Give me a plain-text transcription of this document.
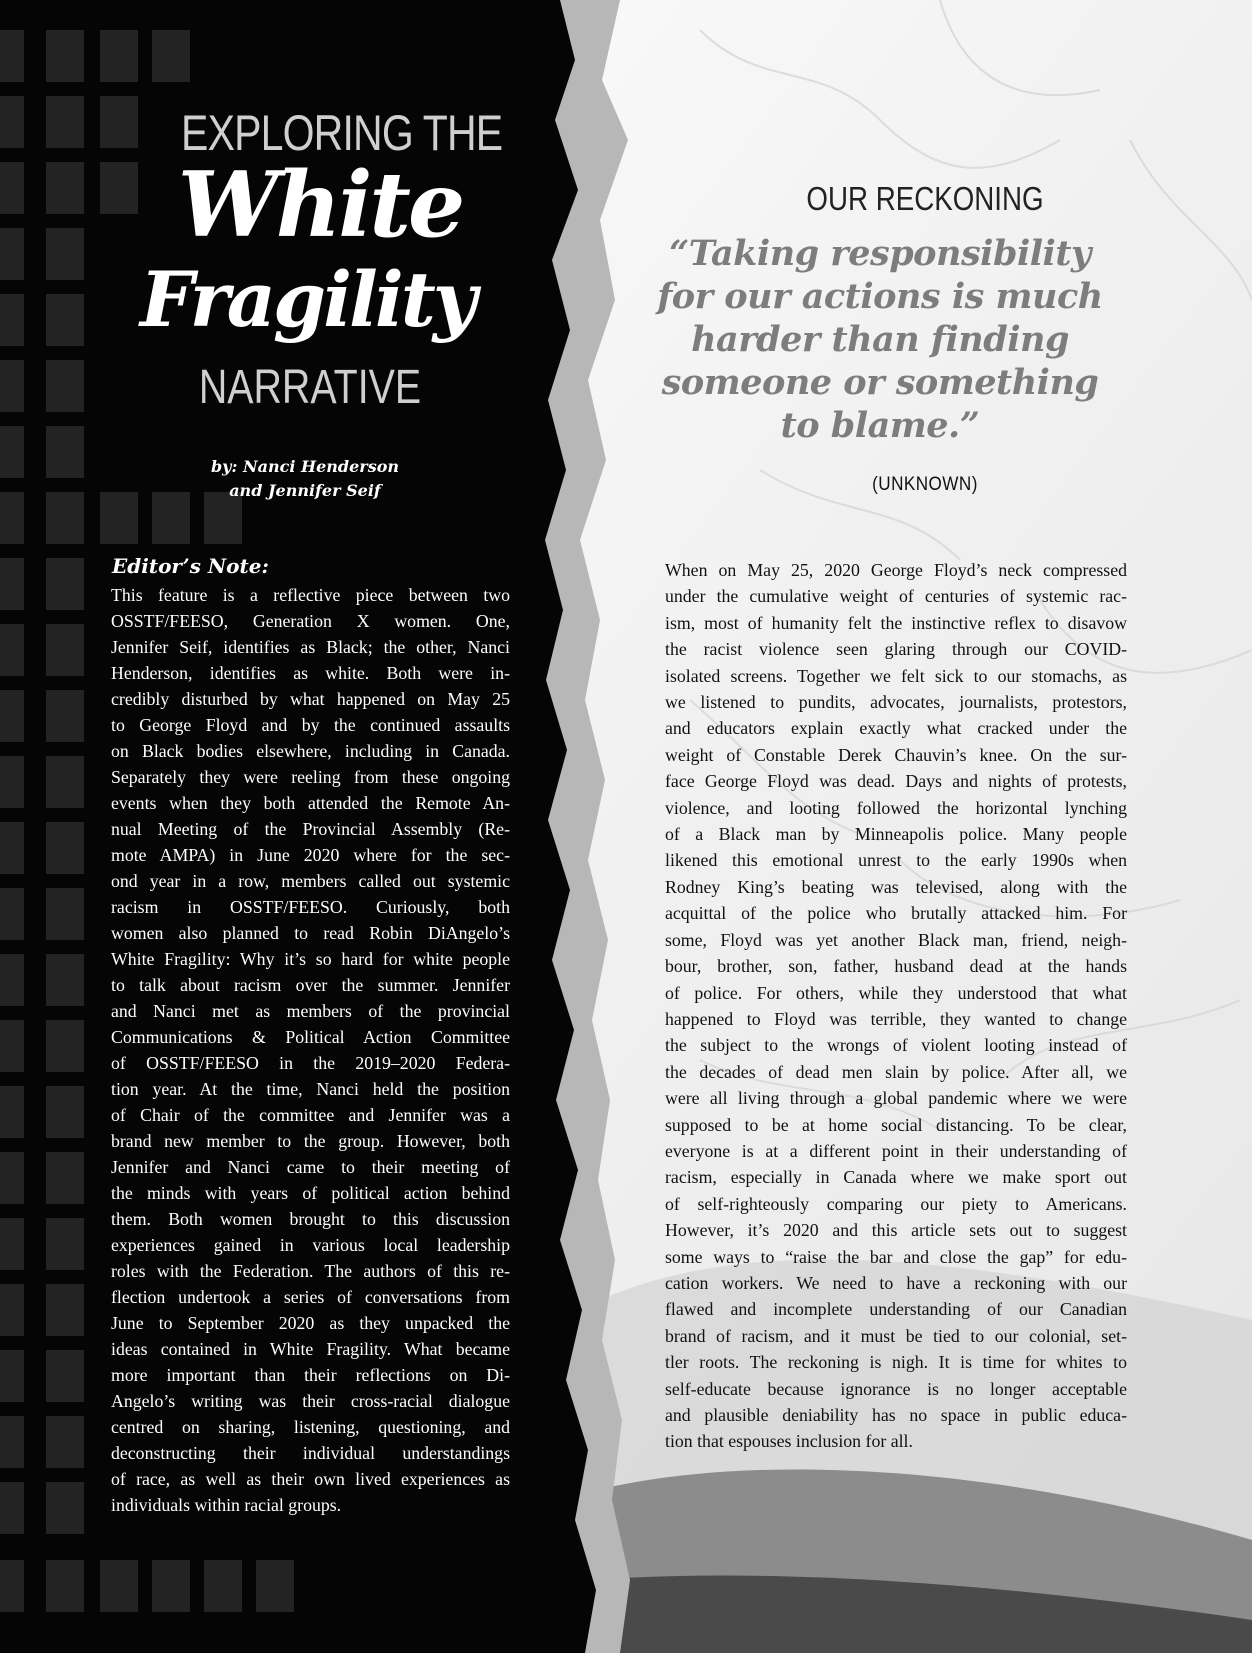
EXPLORING THE
White
Fragility
NARRATIVE
by: Nanci Henderson
and Jennifer Seif
Editor’s Note:
This feature is a reflective piece between two
OSSTF/FEESO, Generation X women. One,
Jennifer Seif, identifies as Black; the other, Nanci
Henderson, identifies as white. Both were in-
credibly disturbed by what happened on May 25
to George Floyd and by the continued assaults
on Black bodies elsewhere, including in Canada.
Separately they were reeling from these ongoing
events when they both attended the Remote An-
nual Meeting of the Provincial Assembly (Re-
mote AMPA) in June 2020 where for the sec-
ond year in a row, members called out systemic
racism in OSSTF/FEESO. Curiously, both
women also planned to read Robin DiAngelo’s
White Fragility: Why it’s so hard for white people
to talk about racism over the summer. Jennifer
and Nanci met as members of the provincial
Communications & Political Action Committee
of OSSTF/FEESO in the 2019–2020 Federa-
tion year. At the time, Nanci held the position
of Chair of the committee and Jennifer was a
brand new member to the group. However, both
Jennifer and Nanci came to their meeting of
the minds with years of political action behind
them. Both women brought to this discussion
experiences gained in various local leadership
roles with the Federation. The authors of this re-
flection undertook a series of conversations from
June to September 2020 as they unpacked the
ideas contained in White Fragility. What became
more important than their reflections on Di-
Angelo’s writing was their cross-racial dialogue
centred on sharing, listening, questioning, and
deconstructing their individual understandings
of race, as well as their own lived experiences as
individuals within racial groups.
OUR RECKONING
“Taking responsibility
for our actions is much
harder than finding
someone or something
to blame.”
(UNKNOWN)
When on May 25, 2020 George Floyd’s neck compressed
under the cumulative weight of centuries of systemic rac-
ism, most of humanity felt the instinctive reflex to disavow
the racist violence seen glaring through our COVID-
isolated screens. Together we felt sick to our stomachs, as
we listened to pundits, advocates, journalists, protestors,
and educators explain exactly what cracked under the
weight of Constable Derek Chauvin’s knee. On the sur-
face George Floyd was dead. Days and nights of protests,
violence, and looting followed the horizontal lynching
of a Black man by Minneapolis police. Many people
likened this emotional unrest to the early 1990s when
Rodney King’s beating was televised, along with the
acquittal of the police who brutally attacked him. For
some, Floyd was yet another Black man, friend, neigh-
bour, brother, son, father, husband dead at the hands
of police. For others, while they understood that what
happened to Floyd was terrible, they wanted to change
the subject to the wrongs of violent looting instead of
the decades of dead men slain by police. After all, we
were all living through a global pandemic where we were
supposed to be at home social distancing. To be clear,
everyone is at a different point in their understanding of
racism, especially in Canada where we make sport out
of self-righteously comparing our piety to Americans.
However, it’s 2020 and this article sets out to suggest
some ways to “raise the bar and close the gap” for edu-
cation workers. We need to have a reckoning with our
flawed and incomplete understanding of our Canadian
brand of racism, and it must be tied to our colonial, set-
tler roots. The reckoning is nigh. It is time for whites to
self-educate because ignorance is no longer acceptable
and plausible deniability has no space in public educa-
tion that espouses inclusion for all.
